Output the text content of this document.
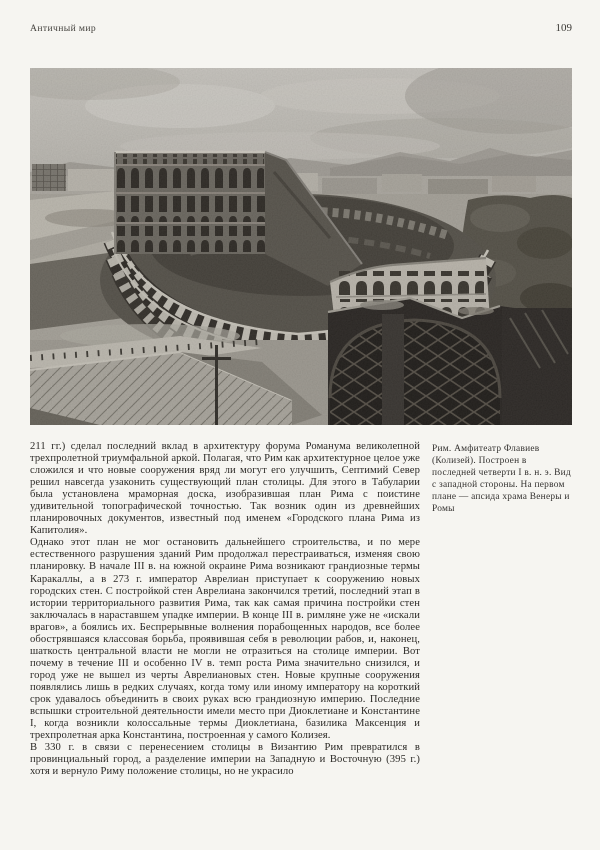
Античный мир	109
Рим. Амфитеатр Флавиев (Колизей). Построен в последней четверти I в. н. э. Вид с западной стороны. На первом плане — апсида храма Венеры и Ромы

211 гг.) сделал последний вклад в архитектуру форума Романума великолепной трехпролетной триумфальной аркой. Полагая, что Рим как архитектурное целое уже сложился и что новые сооружения вряд ли могут его улучшить, Септимий Север решил навсегда узаконить существующий план столицы. Для этого в Табуларии была установлена мраморная доска, изобразившая план Рима с поистине удивительной топографической точностью. Так возник один из древнейших планировочных документов, известный под именем «Городского плана Рима из Капитолия».

Однако этот план не мог остановить дальнейшего строительства, и по мере естественного разрушения зданий Рим продолжал перестраиваться, изменяя свою планировку. В начале III в. на южной окраине Рима возникают грандиозные термы Каракаллы, а в 273 г. император Аврелиан приступает к сооружению новых городских стен. С постройкой стен Аврелиана закончился третий, последний этап в истории территориального развития Рима, так как самая причина постройки стен заключалась в нараставшем упадке империи. В конце III в. римляне уже не «искали врагов», а боялись их. Беспрерывные волнения порабощенных народов, все более обострявшаяся классовая борьба, проявившая себя в революции рабов, и, наконец, шаткость центральной власти не могли не отразиться на столице империи. Вот почему в течение III и особенно IV в. темп роста Рима значительно снизился, и город уже не вышел из черты Аврелиановых стен. Новые крупные сооружения появлялись лишь в редких случаях, когда тому или иному императору на короткий срок удавалось объединить в своих руках всю грандиозную империю. Последние вспышки строительной деятельности имели место при Диоклетиане и Константине I, когда возникли колоссальные термы Диоклетиана, базилика Максенция и трехпролетная арка Константина, построенная у самого Колизея.

В 330 г. в связи с перенесением столицы в Византию Рим превратился в провинциальный город, а разделение империи на Западную и Восточную (395 г.) хотя и вернуло Риму положение столицы, но не украсило
